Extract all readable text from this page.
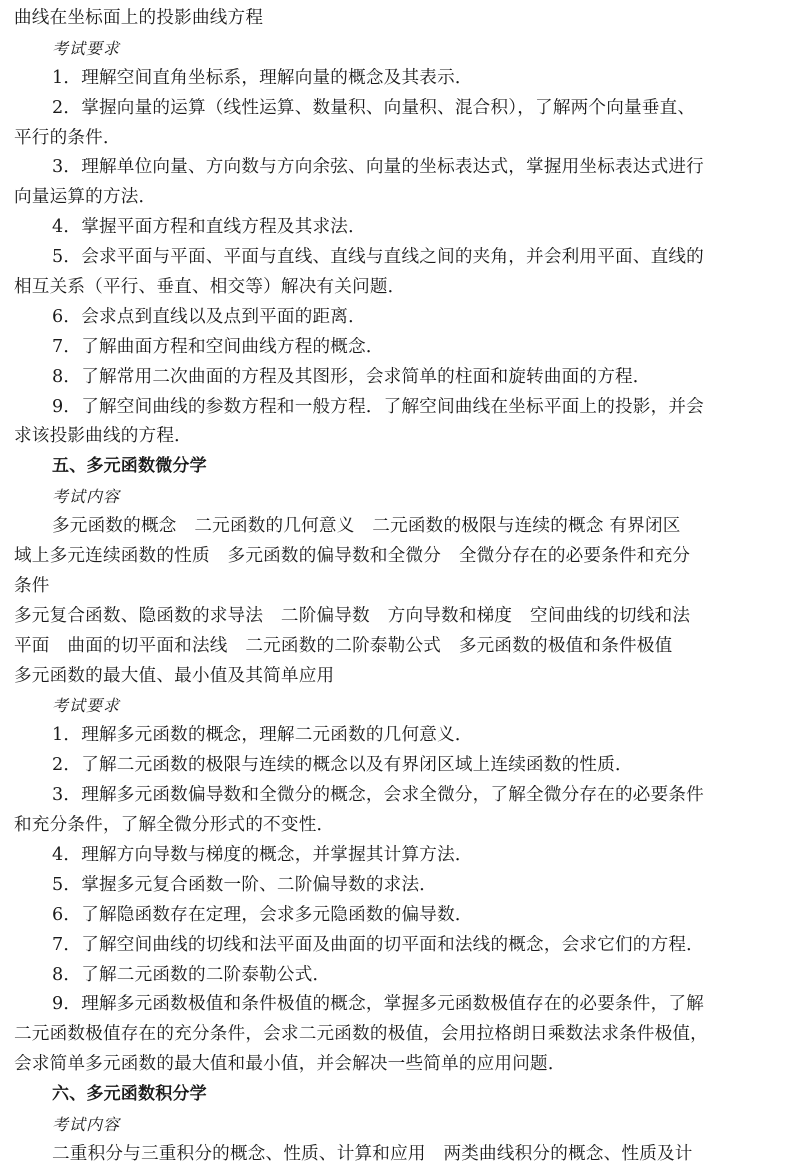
曲线在坐标面上的投影曲线方程
考试要求
1．理解空间直角坐标系，理解向量的概念及其表示．
2．掌握向量的运算（线性运算、数量积、向量积、混合积），了解两个向量垂直、
平行的条件．
3．理解单位向量、方向数与方向余弦、向量的坐标表达式，掌握用坐标表达式进行
向量运算的方法．
4．掌握平面方程和直线方程及其求法．
5．会求平面与平面、平面与直线、直线与直线之间的夹角，并会利用平面、直线的
相互关系（平行、垂直、相交等）解决有关问题．
6．会求点到直线以及点到平面的距离．
7．了解曲面方程和空间曲线方程的概念．
8．了解常用二次曲面的方程及其图形，会求简单的柱面和旋转曲面的方程．
9．了解空间曲线的参数方程和一般方程．了解空间曲线在坐标平面上的投影，并会
求该投影曲线的方程．
五、多元函数微分学
考试内容
多元函数的概念　二元函数的几何意义　二元函数的极限与连续的概念 有界闭区
域上多元连续函数的性质　多元函数的偏导数和全微分　全微分存在的必要条件和充分
条件
多元复合函数、隐函数的求导法　二阶偏导数　方向导数和梯度　空间曲线的切线和法
平面　曲面的切平面和法线　二元函数的二阶泰勒公式　多元函数的极值和条件极值
多元函数的最大值、最小值及其简单应用
考试要求
1．理解多元函数的概念，理解二元函数的几何意义．
2．了解二元函数的极限与连续的概念以及有界闭区域上连续函数的性质．
3．理解多元函数偏导数和全微分的概念，会求全微分，了解全微分存在的必要条件
和充分条件，了解全微分形式的不变性．
4．理解方向导数与梯度的概念，并掌握其计算方法．
5．掌握多元复合函数一阶、二阶偏导数的求法．
6．了解隐函数存在定理，会求多元隐函数的偏导数．
7．了解空间曲线的切线和法平面及曲面的切平面和法线的概念，会求它们的方程．
8．了解二元函数的二阶泰勒公式．
9．理解多元函数极值和条件极值的概念，掌握多元函数极值存在的必要条件，了解
二元函数极值存在的充分条件，会求二元函数的极值，会用拉格朗日乘数法求条件极值，
会求简单多元函数的最大值和最小值，并会解决一些简单的应用问题．
六、多元函数积分学
考试内容
二重积分与三重积分的概念、性质、计算和应用　两类曲线积分的概念、性质及计
